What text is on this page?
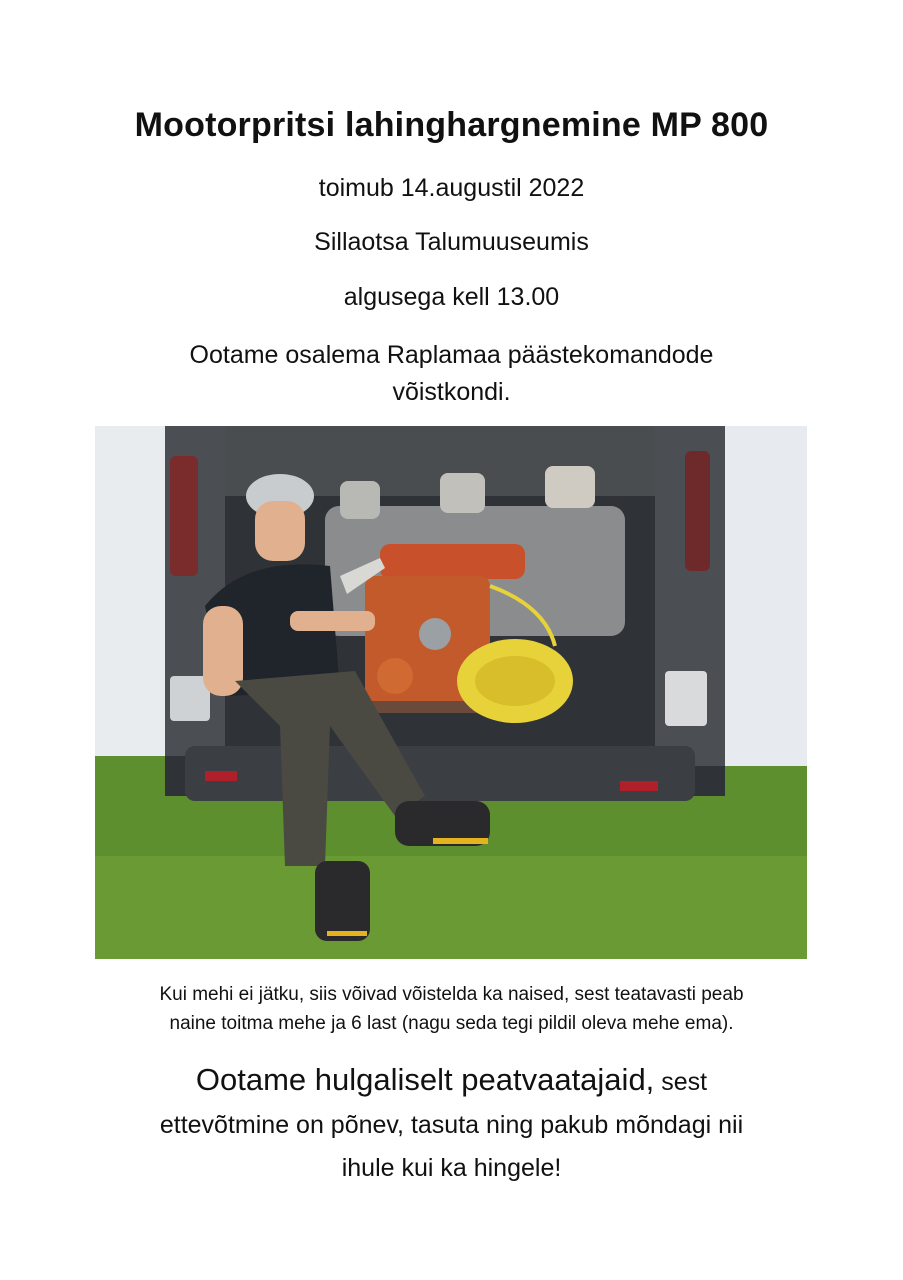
Mootorpritsi lahinghargnemine MP 800
toimub 14.augustil 2022
Sillaotsa Talumuuseumis
algusega kell 13.00
Ootame osalema Raplamaa päästekomandode
võistkondi.
Kui mehi ei jätku, siis võivad võistelda ka naised, sest teatavasti peab
naine toitma mehe ja 6 last (nagu seda tegi pildil oleva mehe ema).
Ootame hulgaliselt peatvaatajaid, sest
ettevõtmine on põnev, tasuta ning pakub mõndagi nii
ihule kui ka hingele!
